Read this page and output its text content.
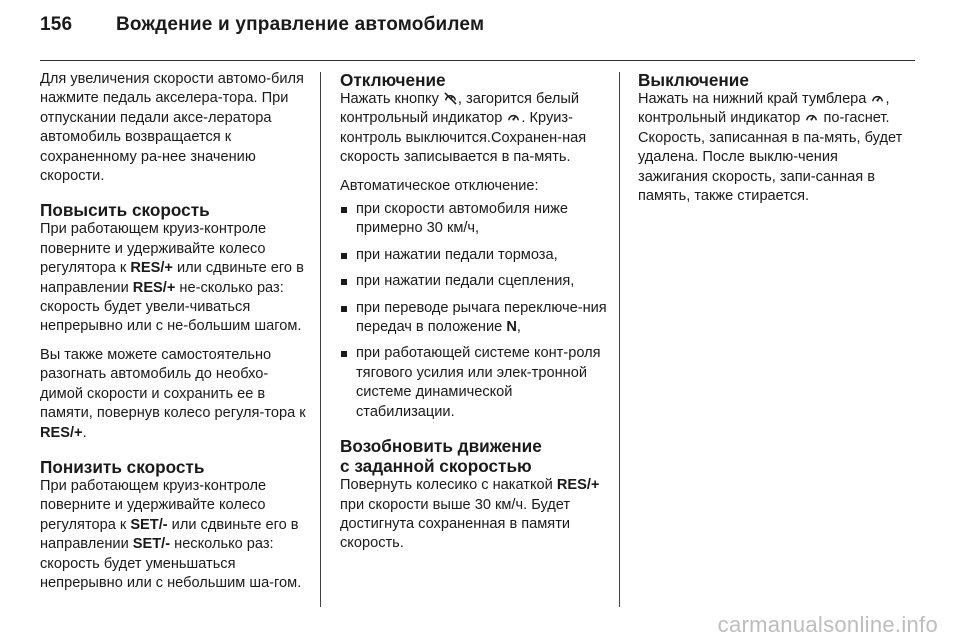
156	Вождение и управление автомобилем

Для увеличения скорости автомо-биля нажмите педаль акселера-тора. При отпускании педали аксе-лератора автомобиль возвращается к сохраненному ра-нее значению скорости.

Повысить скорость

При работающем круиз-контроле поверните и удерживайте колесо регулятора к RES/+ или сдвиньте его в направлении RES/+ не-сколько раз: скорость будет увели-чиваться непрерывно или с не-большим шагом.

Вы также можете самостоятельно разогнать автомобиль до необхо-димой скорости и сохранить ее в памяти, повернув колесо регуля-тора к RES/+.

Понизить скорость

При работающем круиз-контроле поверните и удерживайте колесо регулятора к SET/- или сдвиньте его в направлении SET/- несколько раз: скорость будет уменьшаться непрерывно или с небольшим ша-гом.

Отключение

Нажать кнопку , загорится белый контрольный индикатор . Круиз-контроль выключится.Сохранен-ная скорость записывается в па-мять.

Автоматическое отключение:

при скорости автомобиля ниже примерно 30 км/ч,
при нажатии педали тормоза,
при нажатии педали сцепления,
при переводе рычага переключе-ния передач в положение N,
при работающей системе конт-роля тягового усилия или элек-тронной системе динамической стабилизации.
Возобновить движение
с заданной скоростью

Повернуть колесико с накаткой RES/+ при скорости выше 30 км/ч. Будет достигнута сохраненная в памяти скорость.

Выключение

Нажать на нижний край тумблера , контрольный индикатор  по-гаснет. Скорость, записанная в па-мять, будет удалена. После выклю-чения зажигания скорость, запи-санная в память, также стирается.

carmanualsonline.info
